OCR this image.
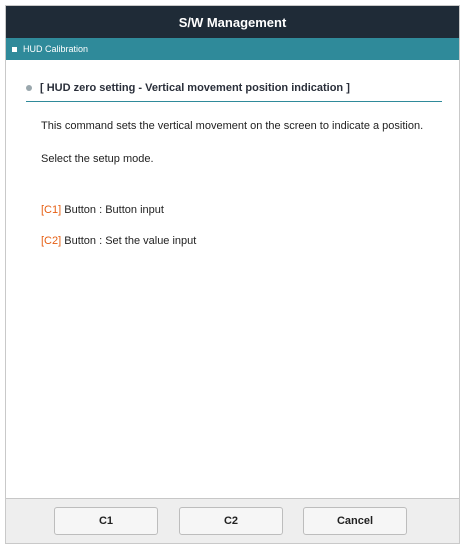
S/W Management
HUD Calibration
[ HUD zero setting - Vertical movement position indication ]
This command sets the vertical movement on the screen to indicate a position.
Select the setup mode.
[C1] Button : Button input
[C2] Button : Set the value input
C1	C2	Cancel
